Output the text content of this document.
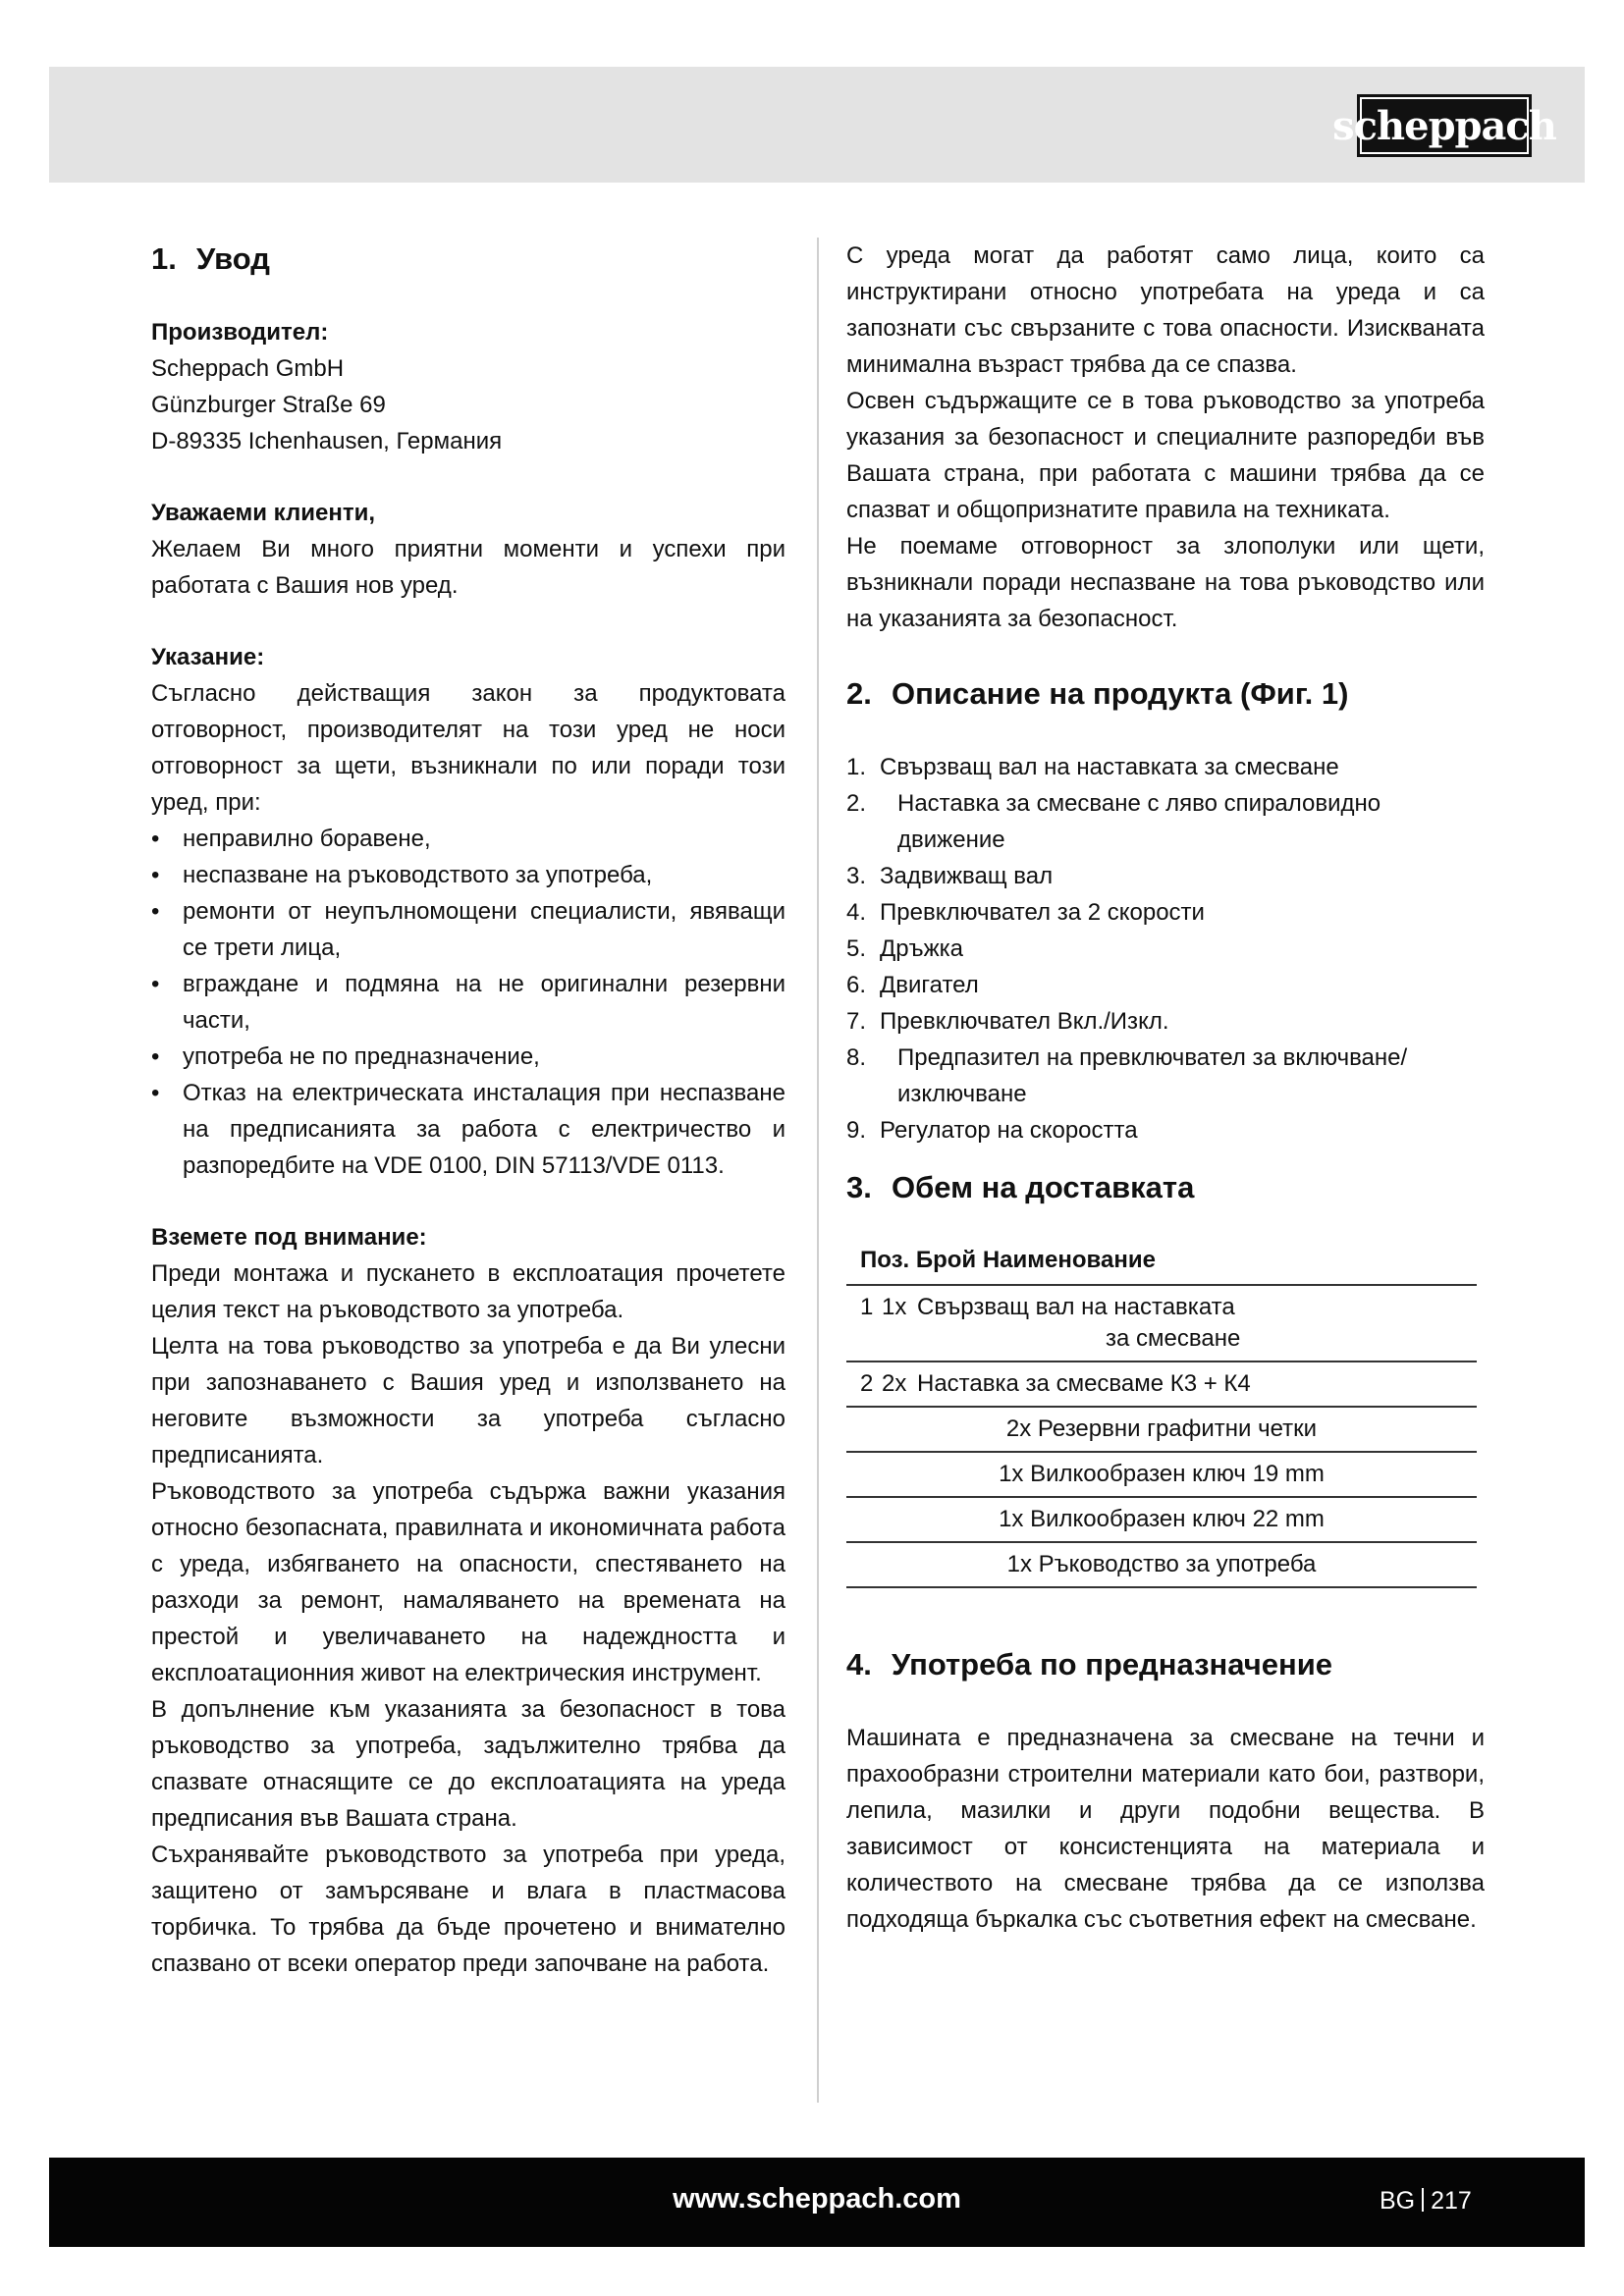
scheppach
1. Увод
Производител:
Scheppach GmbH
Günzburger Straße 69
D-89335 Ichenhausen, Германия
Уважаеми клиенти,

Желаем Ви много приятни моменти и успехи при работата с Вашия нов уред.

Указание:

Съгласно действащия закон за продуктовата отговорност, производителят на този уред не носи отговорност за щети, възникнали по или поради този уред, при:

• неправилно боравене,
• неспазване на ръководството за употреба,
• ремонти от неупълномощени специалисти, явяващи се трети лица,
• вграждане и подмяна на не оригинални резервни части,
• употреба не по предназначение,
• Отказ на електрическата инсталация при неспазване на предписанията за работа с електричество и разпоредбите на VDE 0100, DIN 57113/VDE 0113.
Вземете под внимание:

Преди монтажа и пускането в експлоатация прочетете целия текст на ръководството за употреба.

Целта на това ръководство за употреба е да Ви улесни при запознаването с Вашия уред и използването на неговите възможности за употреба съгласно предписанията.

Ръководството за употреба съдържа важни указания относно безопасната, правилната и икономичната работа с уреда, избягването на опасности, спестяването на разходи за ремонт, намаляването на времената на престой и увеличаването на надеждността и експлоатационния живот на електрическия инструмент.

В допълнение към указанията за безопасност в това ръководство за употреба, задължително трябва да спазвате отнасящите се до експлоатацията на уреда предписания във Вашата страна.

Съхранявайте ръководството за употреба при уреда, защитено от замърсяване и влага в пластмасова торбичка. То трябва да бъде прочетено и внимателно спазвано от всеки оператор преди започване на работа.

С уреда могат да работят само лица, които са инструктирани относно употребата на уреда и са запознати със свързаните с това опасности. Изискваната минимална възраст трябва да се спазва.

Освен съдържащите се в това ръководство за употреба указания за безопасност и специалните разпоредби във Вашата страна, при работата с машини трябва да се спазват и общопризнатите правила на техниката.

Не поемаме отговорност за злополуки или щети, възникнали поради неспазване на това ръководство или на указанията за безопасност.

2. Описание на продукта (Фиг. 1)
1. Свързващ вал на наставката за смесване
2. Наставка за смесване с ляво спираловидно движение
3. Задвижващ вал
4. Превключвател за 2 скорости
5. Дръжка
6. Двигател
7. Превключвател Вкл./Изкл.
8. Предпазител на превключвател за включване/ изключване
9. Регулатор на скоростта
3. Обем на доставката
Поз. Брой Наименование

1 1x Свързващ вал на наставката
за смесване

2 2x Наставка за смесваме К3 + К4

2x Резервни графитни четки

1x Вилкообразен ключ 19 mm

1x Вилкообразен ключ 22 mm

1x Ръководство за употреба
4. Употреба по предназначение

Машината е предназначена за смесване на течни и прахообразни строителни материали като бои, разтвори, лепила, мазилки и други подобни вещества. В зависимост от консистенцията на материала и количеството на смесване трябва да се използва подходяща бъркалка със съответния ефект на смесване.

www.scheppach.com	BG 217
